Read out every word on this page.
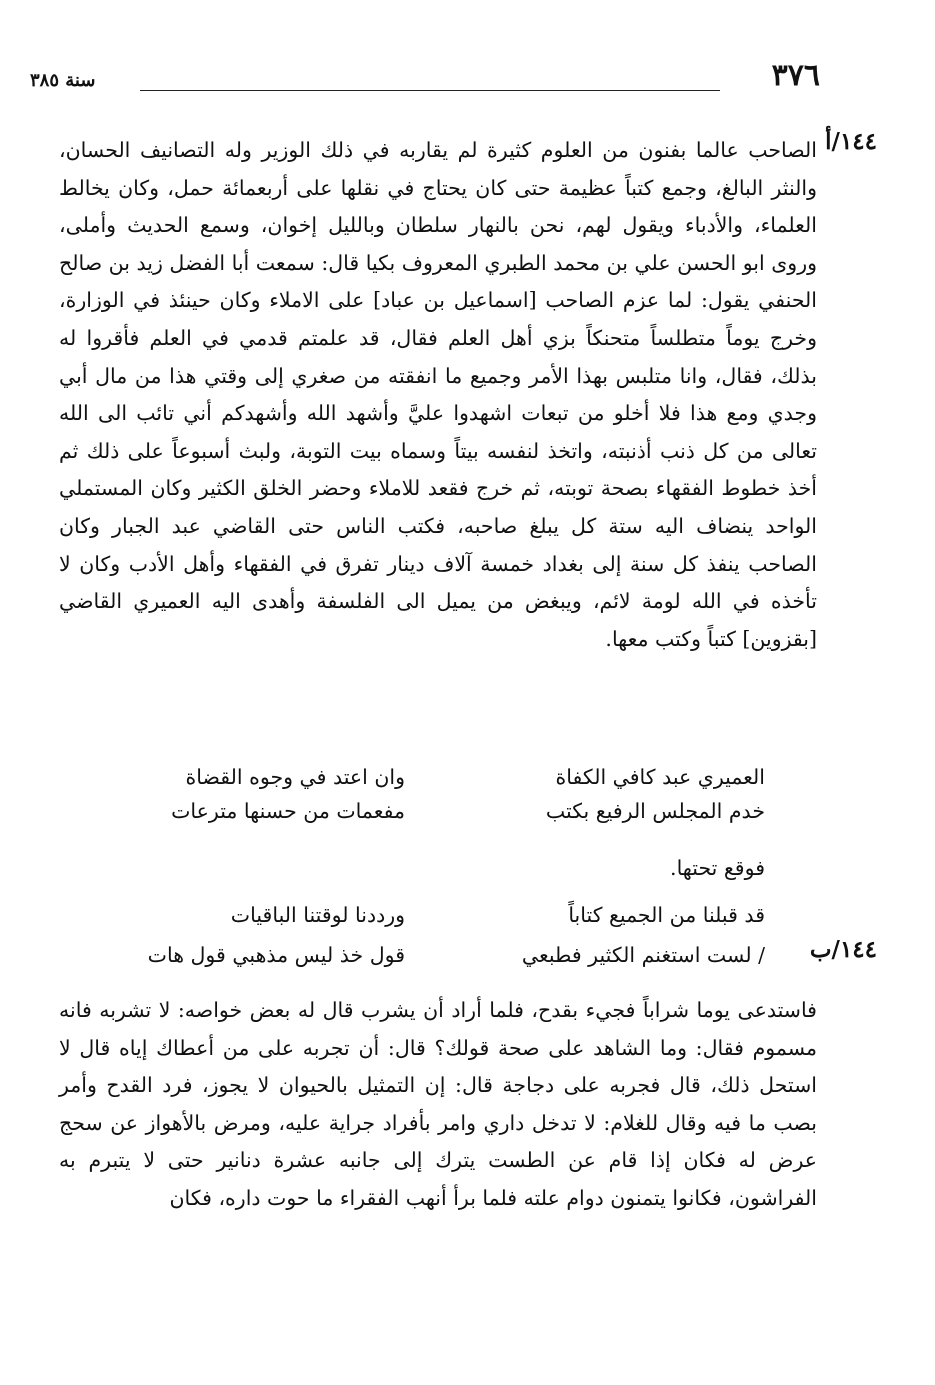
٣٧٦
سنة ٣٨٥
١٤٤/أ

الصاحب عالما بفنون من العلوم كثيرة لم يقاربه في ذلك الوزير وله التصانيف الحسان، والنثر البالغ، وجمع كتباً عظيمة حتى كان يحتاج في نقلها على أربعمائة حمل، وكان يخالط العلماء، والأدباء ويقول لهم، نحن بالنهار سلطان وبالليل إخوان، وسمع الحديث وأملى، وروى ابو الحسن علي بن محمد الطبري المعروف بكيا قال: سمعت أبا الفضل زيد بن صالح الحنفي يقول: لما عزم الصاحب [اسماعيل بن عباد] على الاملاء وكان حينئذ في الوزارة، وخرج يوماً متطلساً متحنكاً بزي أهل العلم فقال، قد علمتم قدمي في العلم فأقروا له بذلك، فقال، وانا متلبس بهذا الأمر وجميع ما انفقته من صغري إلى وقتي هذا من مال أبي وجدي ومع هذا فلا أخلو من تبعات اشهدوا عليَّ وأشهد الله وأشهدكم أني تائب الى الله تعالى من كل ذنب أذنبته، واتخذ لنفسه بيتاً وسماه بيت التوبة، ولبث أسبوعاً على ذلك ثم أخذ خطوط الفقهاء بصحة توبته، ثم خرج فقعد للاملاء وحضر الخلق الكثير وكان المستملي الواحد ينضاف اليه ستة كل يبلغ صاحبه، فكتب الناس حتى القاضي عبد الجبار وكان الصاحب ينفذ كل سنة إلى بغداد خمسة آلاف دينار تفرق في الفقهاء وأهل الأدب وكان لا تأخذه في الله لومة لائم، ويبغض من يميل الى الفلسفة وأهدى اليه العميري القاضي [بقزوين] كتباً وكتب معها.

العميري عبد كافي الكفاة
وان اعتد في وجوه القضاة
خدم المجلس الرفيع بكتب
مفعمات من حسنها مترعات
فوقع تحتها.
قد قبلنا من الجميع كتاباً
ورددنا لوقتنا الباقيات
/ لست استغنم الكثير فطبعي
قول خذ ليس مذهبي قول هات	١٤٤/ب

فاستدعى يوما شراباً فجيء بقدح، فلما أراد أن يشرب قال له بعض خواصه: لا تشربه فانه مسموم فقال: وما الشاهد على صحة قولك؟ قال: أن تجربه على من أعطاك إياه قال لا استحل ذلك، قال فجربه على دجاجة قال: إن التمثيل بالحيوان لا يجوز، فرد القدح وأمر بصب ما فيه وقال للغلام: لا تدخل داري وامر بأفراد جراية عليه، ومرض بالأهواز عن سحج عرض له فكان إذا قام عن الطست يترك إلى جانبه عشرة دنانير حتى لا يتبرم به الفراشون، فكانوا يتمنون دوام علته فلما برأ أنهب الفقراء ما حوت داره، فكان
